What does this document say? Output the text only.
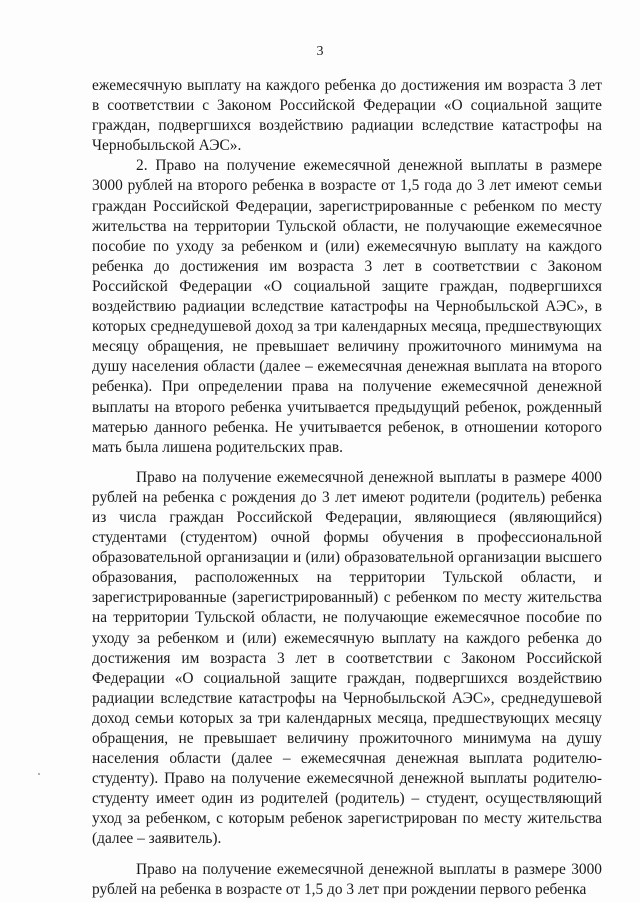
3

ежемесячную выплату на каждого ребенка до достижения им возраста 3 лет в соответствии с Законом Российской Федерации «О социальной защите граждан, подвергшихся воздействию радиации вследствие катастрофы на Чернобыльской АЭС».

2. Право на получение ежемесячной денежной выплаты в размере 3000 рублей на второго ребенка в возрасте от 1,5 года до 3 лет имеют семьи граждан Российской Федерации, зарегистрированные с ребенком по месту жительства на территории Тульской области, не получающие ежемесячное пособие по уходу за ребенком и (или) ежемесячную выплату на каждого ребенка до достижения им возраста 3 лет в соответствии с Законом Российской Федерации «О социальной защите граждан, подвергшихся воздействию радиации вследствие катастрофы на Чернобыльской АЭС», в которых среднедушевой доход за три календарных месяца, предшествующих месяцу обращения, не превышает величину прожиточного минимума на душу населения области (далее – ежемесячная денежная выплата на второго ребенка). При определении права на получение ежемесячной денежной выплаты на второго ребенка учитывается предыдущий ребенок, рожденный матерью данного ребенка. Не учитывается ребенок, в отношении которого мать была лишена родительских прав.

Право на получение ежемесячной денежной выплаты в размере 4000 рублей на ребенка с рождения до 3 лет имеют родители (родитель) ребенка из числа граждан Российской Федерации, являющиеся (являющийся) студентами (студентом) очной формы обучения в профессиональной образовательной организации и (или) образовательной организации высшего образования, расположенных на территории Тульской области, и зарегистрированные (зарегистрированный) с ребенком по месту жительства на территории Тульской области, не получающие ежемесячное пособие по уходу за ребенком и (или) ежемесячную выплату на каждого ребенка до достижения им возраста 3 лет в соответствии с Законом Российской Федерации «О социальной защите граждан, подвергшихся воздействию радиации вследствие катастрофы на Чернобыльской АЭС», среднедушевой доход семьи которых за три календарных месяца, предшествующих месяцу обращения, не превышает величину прожиточного минимума на душу населения области (далее – ежемесячная денежная выплата родителю-студенту). Право на получение ежемесячной денежной выплаты родителю-студенту имеет один из родителей (родитель) – студент, осуществляющий уход за ребенком, с которым ребенок зарегистрирован по месту жительства (далее – заявитель).

Право на получение ежемесячной денежной выплаты в размере 3000 рублей на ребенка в возрасте от 1,5 до 3 лет при рождении первого ребенка
